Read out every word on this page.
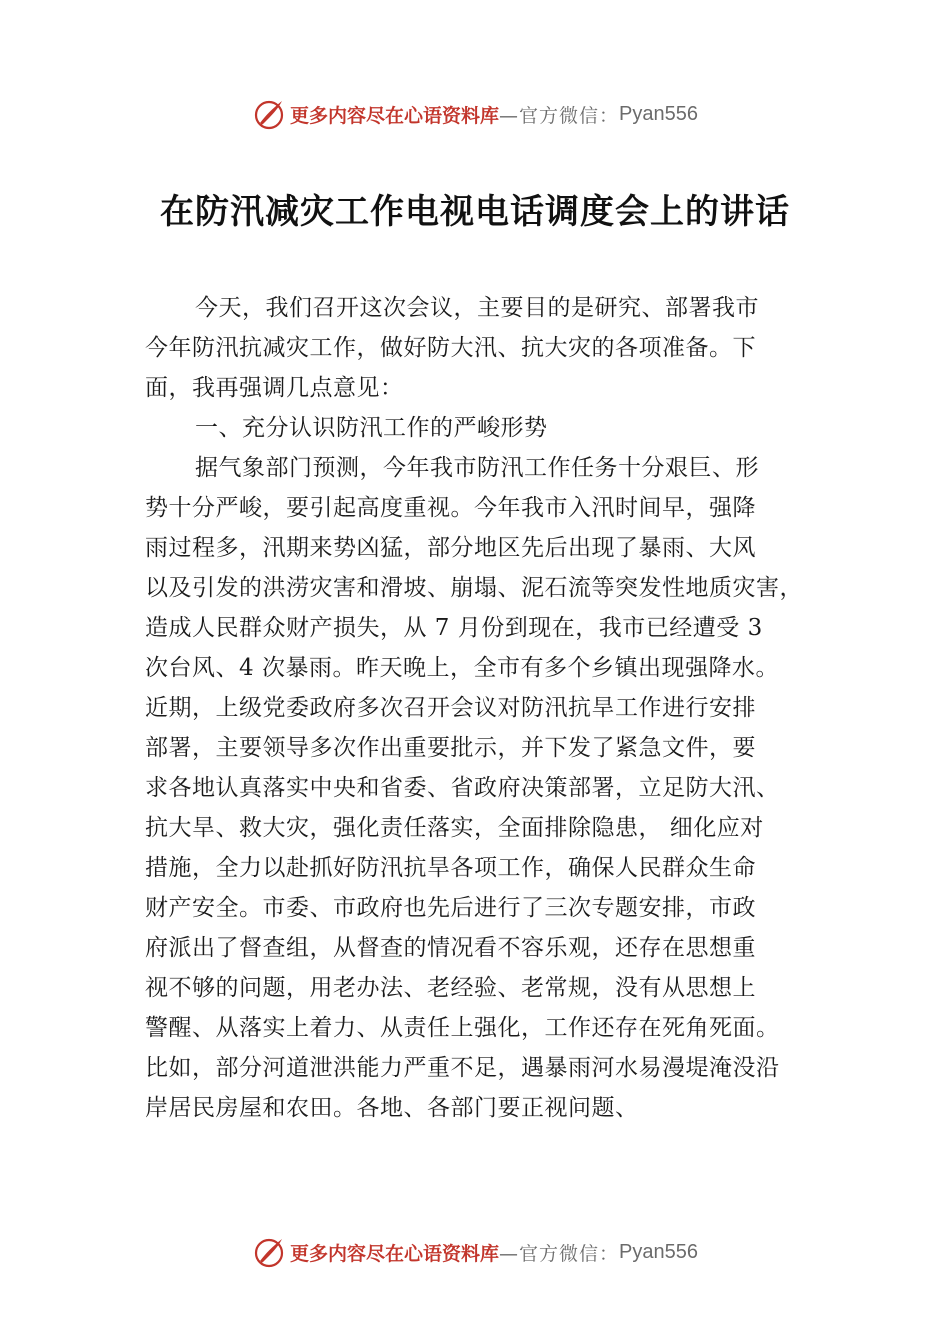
更多内容尽在心语资料库 —官方微信： Pyan556
在防汛减灾工作电视电话调度会上的讲话
今天，我们召开这次会议，主要目的是研究、部署我市
今年防汛抗减灾工作，做好防大汛、抗大灾的各项准备。下
面，我再强调几点意见：
一、充分认识防汛工作的严峻形势
据气象部门预测，今年我市防汛工作任务十分艰巨、形
势十分严峻，要引起高度重视。今年我市入汛时间早，强降
雨过程多，汛期来势凶猛，部分地区先后出现了暴雨、大风
以及引发的洪涝灾害和滑坡、崩塌、泥石流等突发性地质灾害，
造成人民群众财产损失，从 7 月份到现在，我市已经遭受 3
次台风、4 次暴雨。昨天晚上，全市有多个乡镇出现强降水。
近期，上级党委政府多次召开会议对防汛抗旱工作进行安排
部署，主要领导多次作出重要批示，并下发了紧急文件，要
求各地认真落实中央和省委、省政府决策部署，立足防大汛、
抗大旱、救大灾，强化责任落实，全面排除隐患， 细化应对
措施，全力以赴抓好防汛抗旱各项工作，确保人民群众生命
财产安全。市委、市政府也先后进行了三次专题安排，市政
府派出了督查组，从督查的情况看不容乐观，还存在思想重
视不够的问题，用老办法、老经验、老常规，没有从思想上
警醒、从落实上着力、从责任上强化，工作还存在死角死面。
比如，部分河道泄洪能力严重不足，遇暴雨河水易漫堤淹没沿
岸居民房屋和农田。各地、各部门要正视问题、
更多内容尽在心语资料库 —官方微信： Pyan556
